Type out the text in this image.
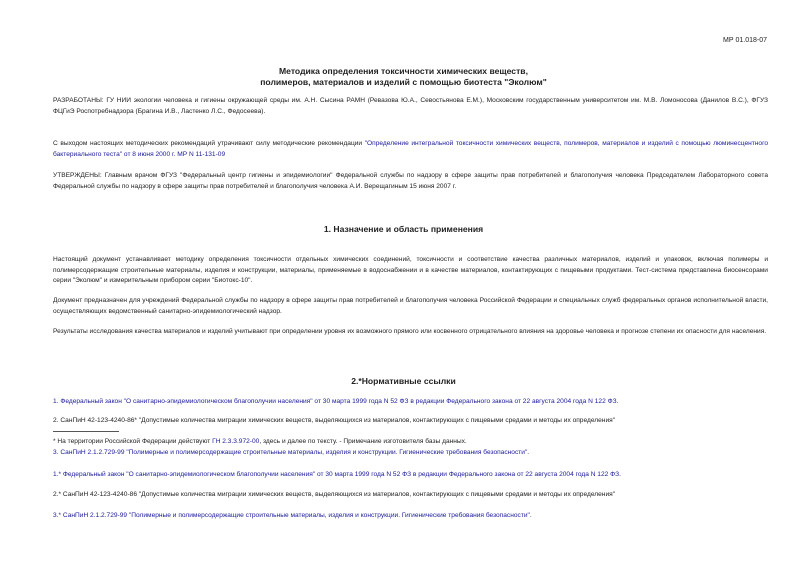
МР 01.018-07
Методика определения токсичности химических веществ,
полимеров, материалов и изделий с помощью биотеста "Эколюм"
РАЗРАБОТАНЫ: ГУ НИИ экологии человека и гигиены окружающей среды им. А.Н. Сысина РАМН (Ревазова Ю.А., Севостьянова Е.М.), Московским государственным университетом им. М.В. Ломоносова (Данилов В.С.), ФГУЗ ФЦГиЭ Роспотребнадзора (Брагина И.В., Ластенко Л.С., Федосеева).
С выходом настоящих методических рекомендаций утрачивают силу методические рекомендации "Определение интегральной токсичности химических веществ, полимеров, материалов и изделий с помощью люминесцентного бактериального теста" от 8 июня 2000 г. МР N 11-131-09
УТВЕРЖДЕНЫ: Главным врачом ФГУЗ "Федеральный центр гигиены и эпидемиологии" Федеральной службы по надзору в сфере защиты прав потребителей и благополучия человека Председателем Лабораторного совета Федеральной службы по надзору в сфере защиты прав потребителей и благополучия человека А.И. Верещагиным 15 июня 2007 г.
1. Назначение и область применения
Настоящий документ устанавливает методику определения токсичности отдельных химических соединений, токсичности и соответствие качества различных материалов, изделий и упаковок, включая полимеры и полимерсодержащие строительные материалы, изделия и конструкции, материалы, применяемые в водоснабжении и в качестве материалов, контактирующих с пищевыми продуктами. Тест-система представлена биосенсорами серии "Эколюм" и измерительным прибором серии "Биотокс-10".
Документ предназначен для учреждений Федеральной службы по надзору в сфере защиты прав потребителей и благополучия человека Российской Федерации и специальных служб федеральных органов исполнительной власти, осуществляющих ведомственный санитарно-эпидемиологический надзор.
Результаты исследования качества материалов и изделий учитывают при определении уровня их возможного прямого или косвенного отрицательного влияния на здоровье человека и прогнозе степени их опасности для населения.
2.*Нормативные ссылки
1. Федеральный закон "О санитарно-эпидемиологическом благополучии населения" от 30 марта 1999 года N 52 ФЗ в редакции Федерального закона от 22 августа 2004 года N 122 ФЗ.
2. СанПиН 42-123-4240-86* "Допустимые количества миграции химических веществ, выделяющихся из материалов, контактирующих с пищевыми средами и методы их определения"
* На территории Российской Федерации действуют ГН 2.3.3.972-00, здесь и далее по тексту. - Примечание изготовителя базы данных.
3. СанПиН 2.1.2.729-99 "Полимерные и полимерсодержащие строительные материалы, изделия и конструкции. Гигиенические требования безопасности".
1.* Федеральный закон "О санитарно-эпидемиологическом благополучии населения" от 30 марта 1999 года N 52 ФЗ в редакции Федерального закона от 22 августа 2004 года N 122 ФЗ.
2.* СанПиН 42-123-4240-86 "Допустимые количества миграции химических веществ, выделяющихся из материалов, контактирующих с пищевыми средами и методы их определения"
3.* СанПиН 2.1.2.729-99 "Полимерные и полимерсодержащие строительные материалы, изделия и конструкции. Гигиенические требования безопасности".
